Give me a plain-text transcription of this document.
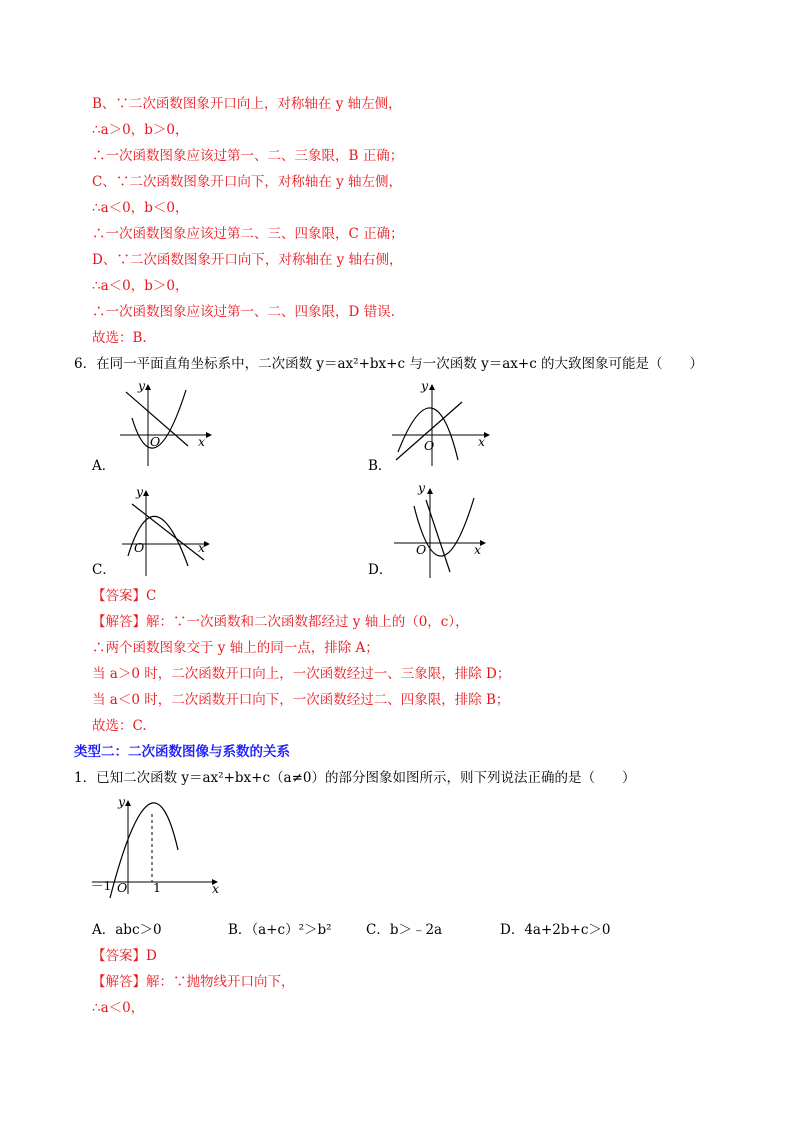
B、∵二次函数图象开口向上，对称轴在 y 轴左侧，
∴a＞0，b＞0，
∴一次函数图象应该过第一、二、三象限，B 正确；
C、∵二次函数图象开口向下，对称轴在 y 轴左侧，
∴a＜0，b＜0，
∴一次函数图象应该过第二、三、四象限，C 正确；
D、∵二次函数图象开口向下，对称轴在 y 轴右侧，
∴a＜0，b＞0，
∴一次函数图象应该过第一、二、四象限，D 错误.
故选：B.
6．在同一平面直角坐标系中，二次函数 y＝ax²+bx+c 与一次函数 y＝ax+c 的大致图象可能是（　　）
x
y
O
A．
x
y
O
B．
x
y
O
C．
x
y
O
D．
【答案】C
【解答】解：∵一次函数和二次函数都经过 y 轴上的（0，c），
∴两个函数图象交于 y 轴上的同一点，排除 A；
当 a＞0 时，二次函数开口向上，一次函数经过一、三象限，排除 D；
当 a＜0 时，二次函数开口向下，一次函数经过二、四象限，排除 B；
故选：C.
类型二：二次函数图像与系数的关系
1．已知二次函数 y＝ax²+bx+c（a≠0）的部分图象如图所示，则下列说法正确的是（　　）
x
y
－1 O 1
A．abc＞0	B．（a+c）²＞b²	C．b＞﹣2a	D．4a+2b+c＞0
【答案】D
【解答】解：∵抛物线开口向下，
∴a＜0，
